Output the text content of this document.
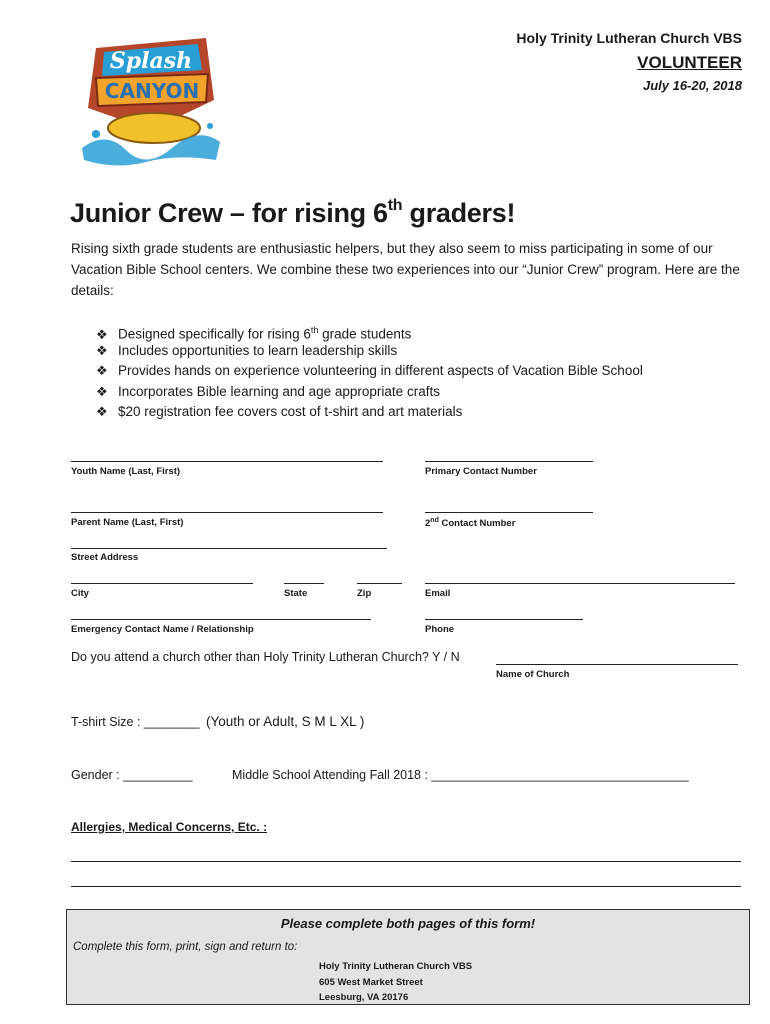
Holy Trinity Lutheran Church VBS
VOLUNTEER
July 16-20, 2018
Splash
CANYON
Junior Crew – for rising 6th graders!
Rising sixth grade students are enthusiastic helpers, but they also seem to miss participating in some of our Vacation Bible School centers. We combine these two experiences into our “Junior Crew” program. Here are the details:
❖ Designed specifically for rising 6th grade students
❖ Includes opportunities to learn leadership skills
❖ Provides hands on experience volunteering in different aspects of Vacation Bible School
❖ Incorporates Bible learning and age appropriate crafts
❖ $20 registration fee covers cost of t-shirt and art materials
Youth Name (Last, First)	Primary Contact Number
Parent Name (Last, First)	2nd Contact Number
Street Address
City	State	Zip	Email
Emergency Contact Name / Relationship	Phone
Do you attend a church other than Holy Trinity Lutheran Church? Y / N
Name of Church
T-shirt Size : ________ (Youth or Adult, S M L XL )
Gender : __________	Middle School Attending Fall 2018 : _____________________________________
Allergies, Medical Concerns, Etc. :
Please complete both pages of this form!
Complete this form, print, sign and return to:
Holy Trinity Lutheran Church VBS
605 West Market Street
Leesburg, VA 20176
